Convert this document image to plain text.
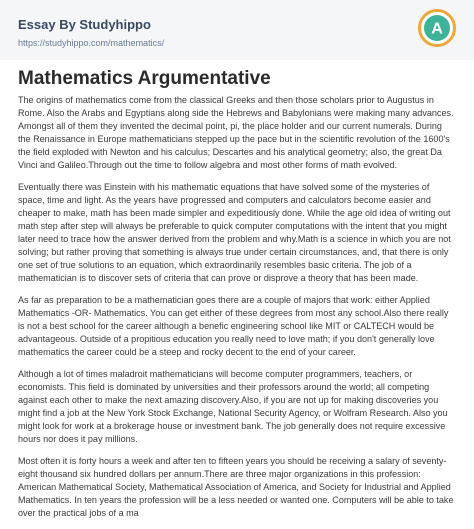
Essay By Studyhippo
https://studyhippo.com/mathematics/
A
Mathematics Argumentative

The origins of mathematics come from the classical Greeks and then those scholars prior to Augustus in Rome. Also the Arabs and Egyptians along side the Hebrews and Babylonians were making many advances. Amongst all of them they invented the decimal point, pi, the place holder and our current numerals. During the Renaissance in Europe mathematicians stepped up the pace but in the scientific revolution of the 1600's the field exploded with Newton and his calculus; Descartes and his analytical geometry; also, the great Da Vinci and Galileo.Through out the time to follow algebra and most other forms of math evolved.

Eventually there was Einstein with his mathematic equations that have solved some of the mysteries of space, time and light. As the years have progressed and computers and calculators become easier and cheaper to make, math has been made simpler and expeditiously done. While the age old idea of writing out math step after step will always be preferable to quick computer computations with the intent that you might later need to trace how the answer derived from the problem and why.Math is a science in which you are not solving; but rather proving that something is always true under certain circumstances, and, that there is only one set of true solutions to an equation, which extraordinarily resembles basic criteria. The job of a mathematician is to discover sets of criteria that can prove or disprove a theory that has been made.

As far as preparation to be a mathematician goes there are a couple of majors that work: either Applied Mathematics -OR- Mathematics. You can get either of these degrees from most any school.Also there really is not a best school for the career although a benefic engineering school like MIT or CALTECH would be advantageous. Outside of a propitious education you really need to love math; if you don't generally love mathematics the career could be a steep and rocky decent to the end of your career.

Although a lot of times maladroit mathematicians will become computer programmers, teachers, or economists. This field is dominated by universities and their professors around the world; all competing against each other to make the next amazing discovery.Also, if you are not up for making discoveries you might find a job at the New York Stock Exchange, National Security Agency, or Wolfram Research. Also you might look for work at a brokerage house or investment bank. The job generally does not require excessive hours nor does it pay millions.

Most often it is forty hours a week and after ten to fifteen years you should be receiving a salary of seventy-eight thousand six hundred dollars per annum.There are three major organizations in this profession: American Mathematical Society, Mathematical Association of America, and Society for Industrial and Applied Mathematics. In ten years the profession will be a less needed or wanted one. Computers will be able to take over the practical jobs of a ma
